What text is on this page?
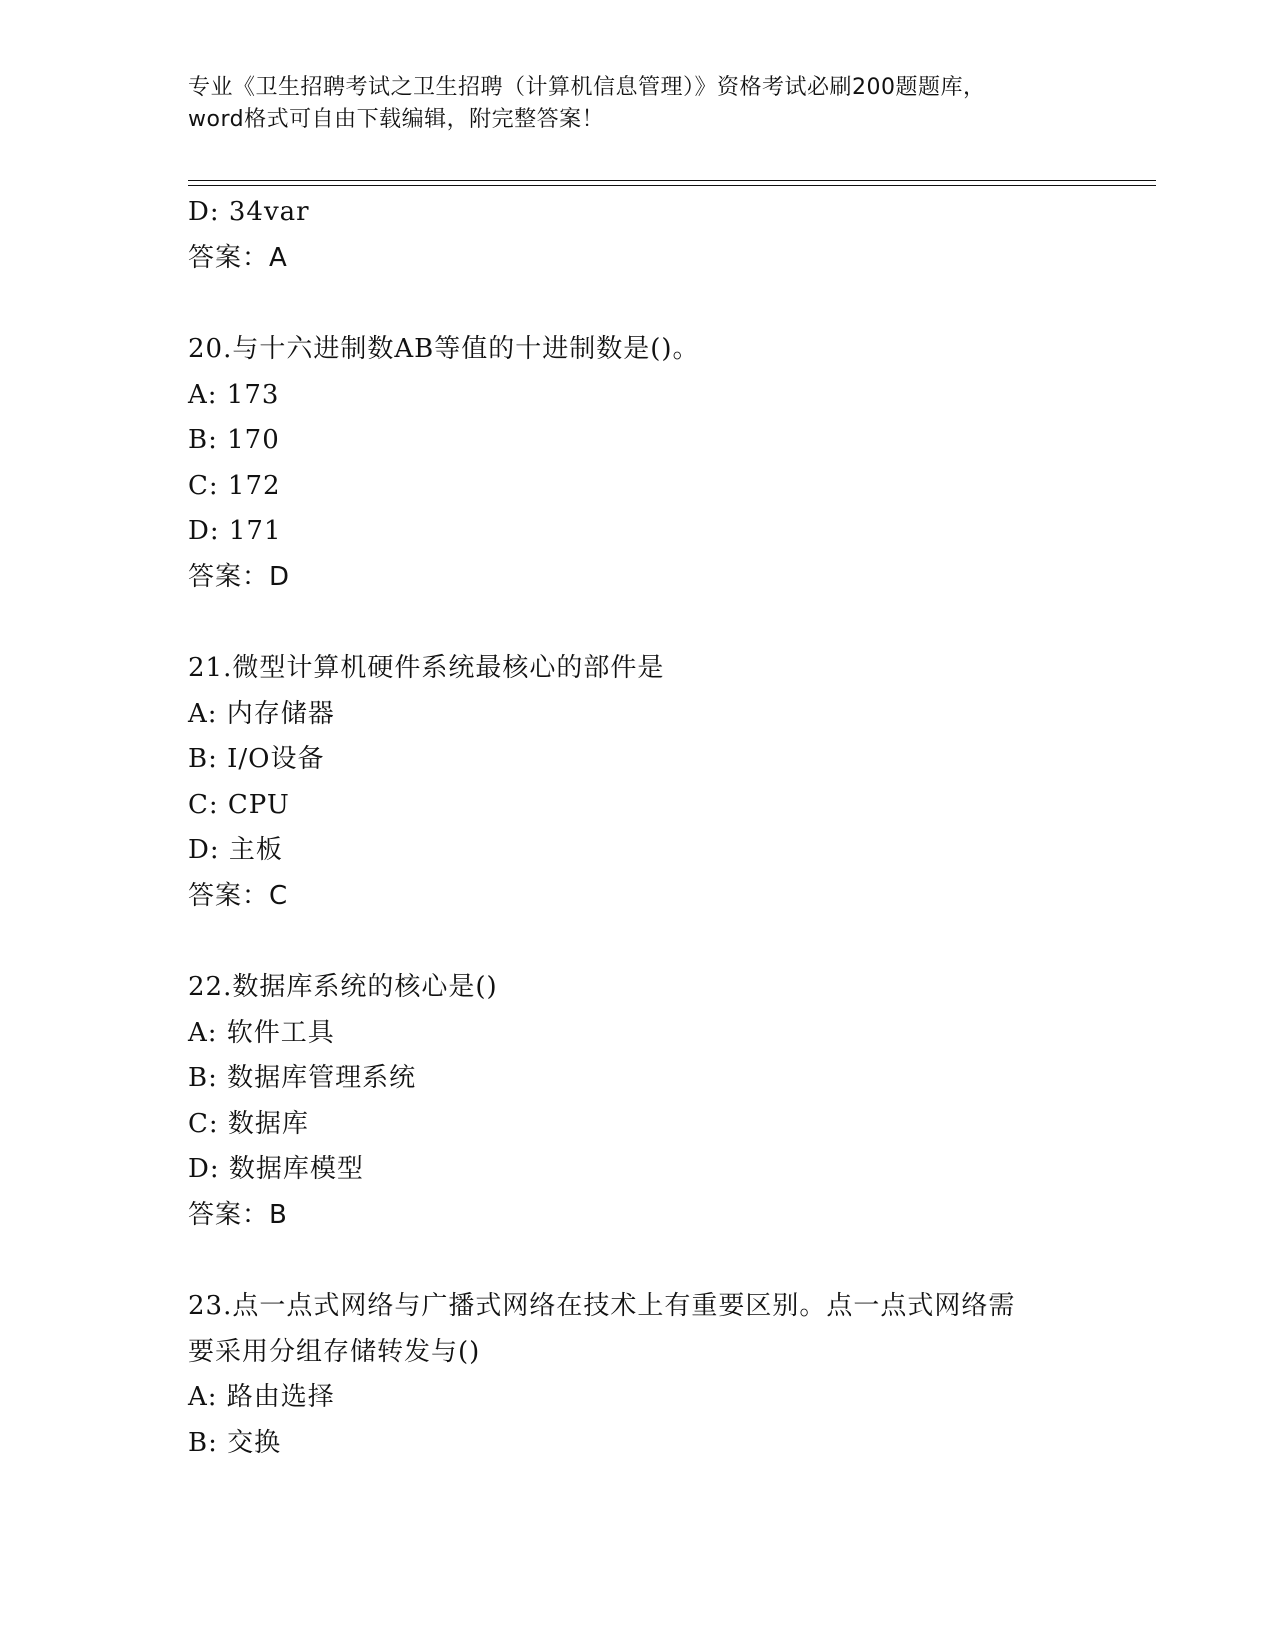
专业《卫生招聘考试之卫生招聘（计算机信息管理）》资格考试必刷200题题库，

word格式可自由下载编辑，附完整答案！

D: 34var
答案：A
20.与十六进制数AB等值的十进制数是()。
A: 173
B: 170
C: 172
D: 171
答案：D
21.微型计算机硬件系统最核心的部件是
A: 内存储器
B: I/O设备
C: CPU
D: 主板
答案：C
22.数据库系统的核心是()
A: 软件工具
B: 数据库管理系统
C: 数据库
D: 数据库模型
答案：B
23.点一点式网络与广播式网络在技术上有重要区别。点一点式网络需
要采用分组存储转发与()
A: 路由选择
B: 交换
